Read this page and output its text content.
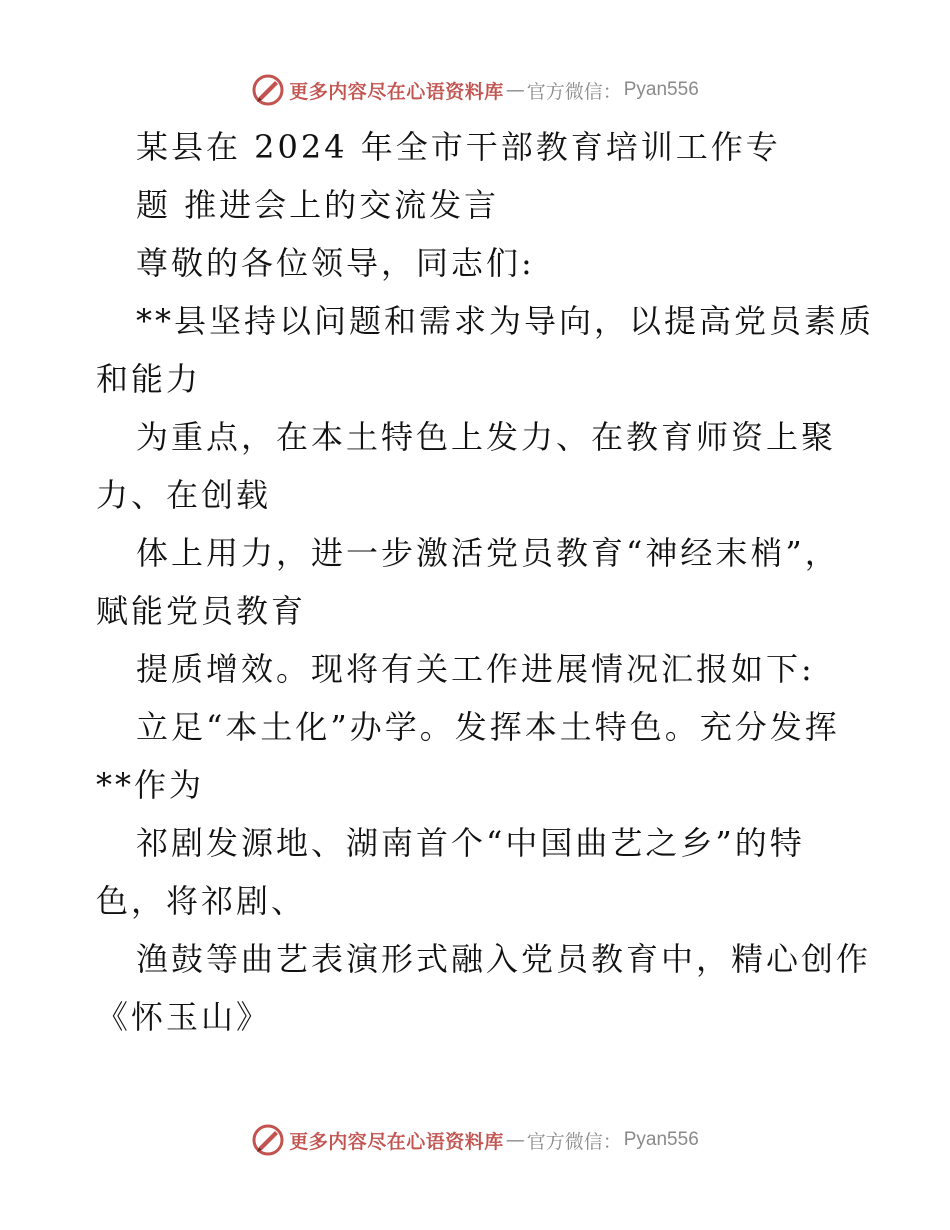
更多内容尽在心语资料库 — 官方微信： Pyan556
某县在 2024 年全市干部教育培训工作专
题 推进会上的交流发言
尊敬的各位领导，同志们:
**县坚持以问题和需求为导向，以提高党员素质
和能力
为重点，在本土特色上发力、在教育师资上聚
力、在创载
体上用力，进一步激活党员教育“神经末梢”，
赋能党员教育
提质增效。现将有关工作进展情况汇报如下:
立足“本土化”办学。发挥本土特色。充分发挥
**作为
祁剧发源地、湖南首个“中国曲艺之乡”的特
色，将祁剧、
渔鼓等曲艺表演形式融入党员教育中，精心创作
《怀玉山》
更多内容尽在心语资料库 — 官方微信： Pyan556
